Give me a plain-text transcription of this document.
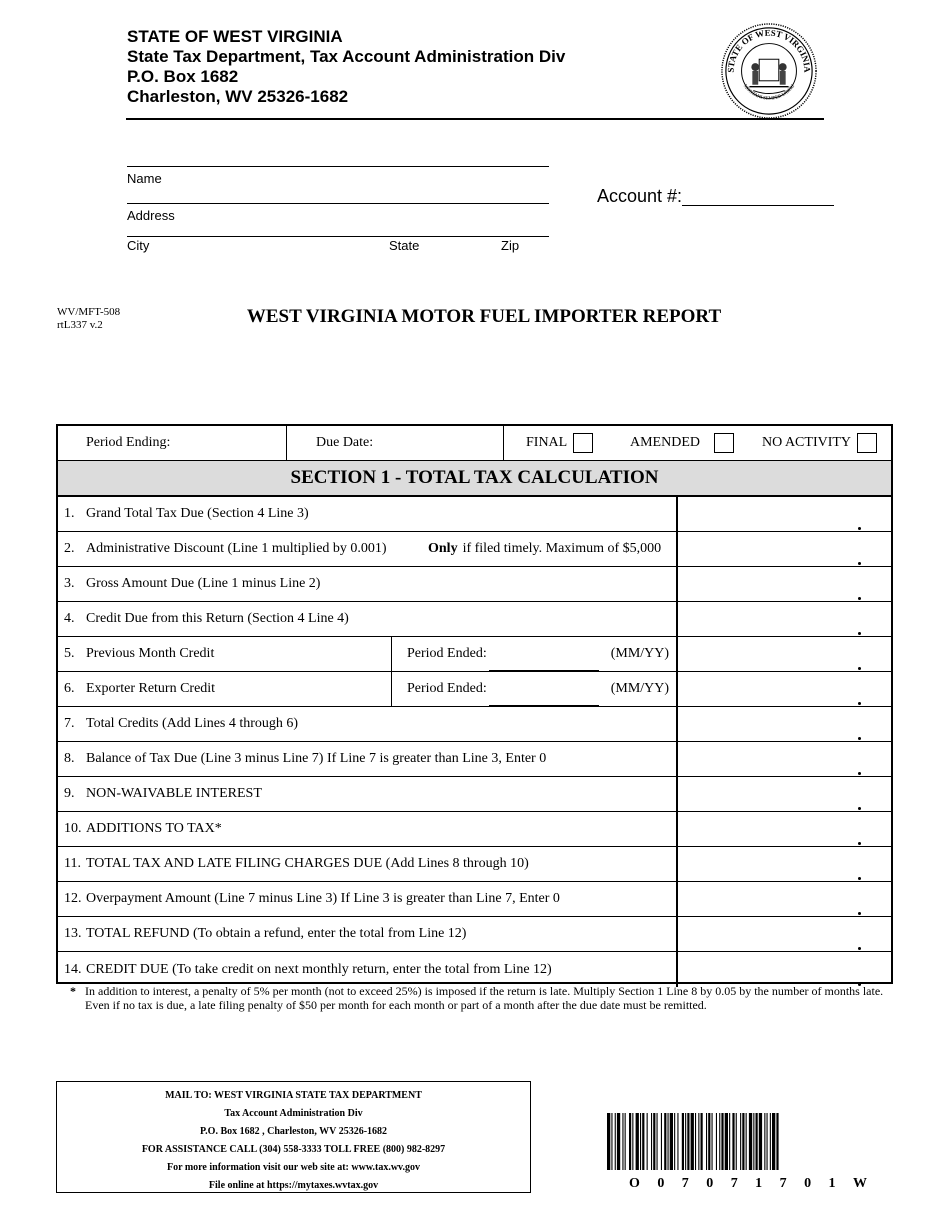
STATE OF WEST VIRGINIA
State Tax Department, Tax Account Administration Div
P.O. Box 1682
Charleston, WV 25326-1682
STATE OF WEST VIRGINIA
MONTANI SEMPER LIBERI
Name
Address
City	State	Zip
Account #:
WV/MFT-508
rtL337 v.2	WEST VIRGINIA MOTOR FUEL IMPORTER REPORT
Period Ending:	Due Date:	FINAL	AMENDED	NO ACTIVITY
SECTION 1 - TOTAL TAX CALCULATION
1. Grand Total Tax Due (Section 4 Line 3)
2. Administrative Discount (Line 1 multiplied by 0.001)	Only if filed timely. Maximum of $5,000
3. Gross Amount Due (Line 1 minus Line 2)
4. Credit Due from this Return (Section 4 Line 4)
5. Previous Month Credit	Period Ended:	(MM/YY)
6. Exporter Return Credit	Period Ended:	(MM/YY)
7. Total Credits (Add Lines 4 through 6)
8. Balance of Tax Due (Line 3 minus Line 7) If Line 7 is greater than Line 3, Enter 0
9. NON-WAIVABLE INTEREST
10. ADDITIONS TO TAX*
11. TOTAL TAX AND LATE FILING CHARGES DUE (Add Lines 8 through 10)
12. Overpayment Amount (Line 7 minus Line 3) If Line 3 is greater than Line 7, Enter 0
13. TOTAL REFUND (To obtain a refund, enter the total from Line 12)
14. CREDIT DUE (To take credit on next monthly return, enter the total from Line 12)
* In addition to interest, a penalty of 5% per month (not to exceed 25%) is imposed if the return is late. Multiply Section 1 Line 8 by 0.05 by the number of months late. Even if no tax is due, a late filing penalty of $50 per month for each month or part of a month after the due date must be remitted.
MAIL TO: WEST VIRGINIA STATE TAX DEPARTMENT
Tax Account Administration Div
P.O. Box 1682 , Charleston, WV 25326-1682
FOR ASSISTANCE CALL (304) 558-3333 TOLL FREE (800) 982-8297
For more information visit our web site at: www.tax.wv.gov
File online at https://mytaxes.wvtax.gov	O 0 7 0 7 1 7 0 1 W
